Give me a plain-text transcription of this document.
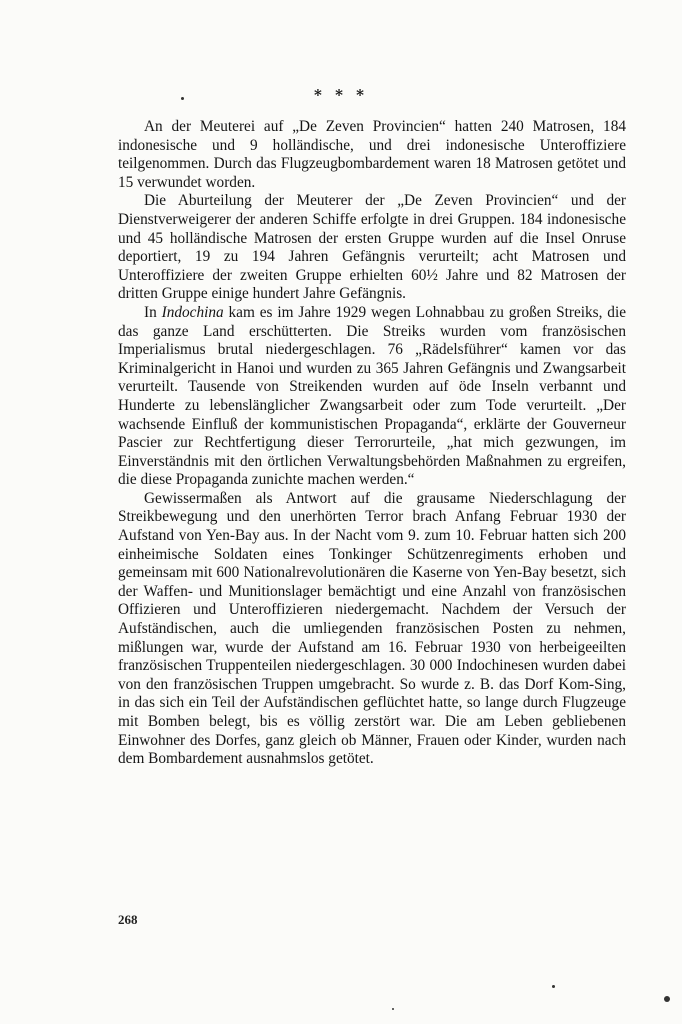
* * *

An der Meuterei auf „De Zeven Provincien“ hatten 240 Matrosen, 184 indonesische und 9 holländische, und drei indonesische Unteroffiziere teilgenommen. Durch das Flugzeugbombardement waren 18 Matrosen getötet und 15 verwundet worden.

Die Aburteilung der Meuterer der „De Zeven Provincien“ und der Dienstverweigerer der anderen Schiffe erfolgte in drei Gruppen. 184 indonesische und 45 holländische Matrosen der ersten Gruppe wurden auf die Insel Onruse deportiert, 19 zu 194 Jahren Gefängnis verurteilt; acht Matrosen und Unteroffiziere der zweiten Gruppe erhielten 60½ Jahre und 82 Matrosen der dritten Gruppe einige hundert Jahre Gefängnis.

In Indochina kam es im Jahre 1929 wegen Lohnabbau zu großen Streiks, die das ganze Land erschütterten. Die Streiks wurden vom französischen Imperialismus brutal niedergeschlagen. 76 „Rädelsführer“ kamen vor das Kriminalgericht in Hanoi und wurden zu 365 Jahren Gefängnis und Zwangsarbeit verurteilt. Tausende von Streikenden wurden auf öde Inseln verbannt und Hunderte zu lebenslänglicher Zwangsarbeit oder zum Tode verurteilt. „Der wachsende Einfluß der kommunistischen Propaganda“, erklärte der Gouverneur Pascier zur Rechtfertigung dieser Terrorurteile, „hat mich gezwungen, im Einverständnis mit den örtlichen Verwaltungsbehörden Maßnahmen zu ergreifen, die diese Propaganda zunichte machen werden.“

Gewissermaßen als Antwort auf die grausame Niederschlagung der Streikbewegung und den unerhörten Terror brach Anfang Februar 1930 der Aufstand von Yen-Bay aus. In der Nacht vom 9. zum 10. Februar hatten sich 200 einheimische Soldaten eines Tonkinger Schützenregiments erhoben und gemeinsam mit 600 Nationalrevolutionären die Kaserne von Yen-Bay besetzt, sich der Waffen- und Munitionslager bemächtigt und eine Anzahl von französischen Offizieren und Unteroffizieren niedergemacht. Nachdem der Versuch der Aufständischen, auch die umliegenden französischen Posten zu nehmen, mißlungen war, wurde der Aufstand am 16. Februar 1930 von herbeigeeilten französischen Truppenteilen niedergeschlagen. 30 000 Indochinesen wurden dabei von den französischen Truppen umgebracht. So wurde z. B. das Dorf Kom-Sing, in das sich ein Teil der Aufständischen geflüchtet hatte, so lange durch Flugzeuge mit Bomben belegt, bis es völlig zerstört war. Die am Leben gebliebenen Einwohner des Dorfes, ganz gleich ob Männer, Frauen oder Kinder, wurden nach dem Bombardement ausnahmslos getötet.

268
